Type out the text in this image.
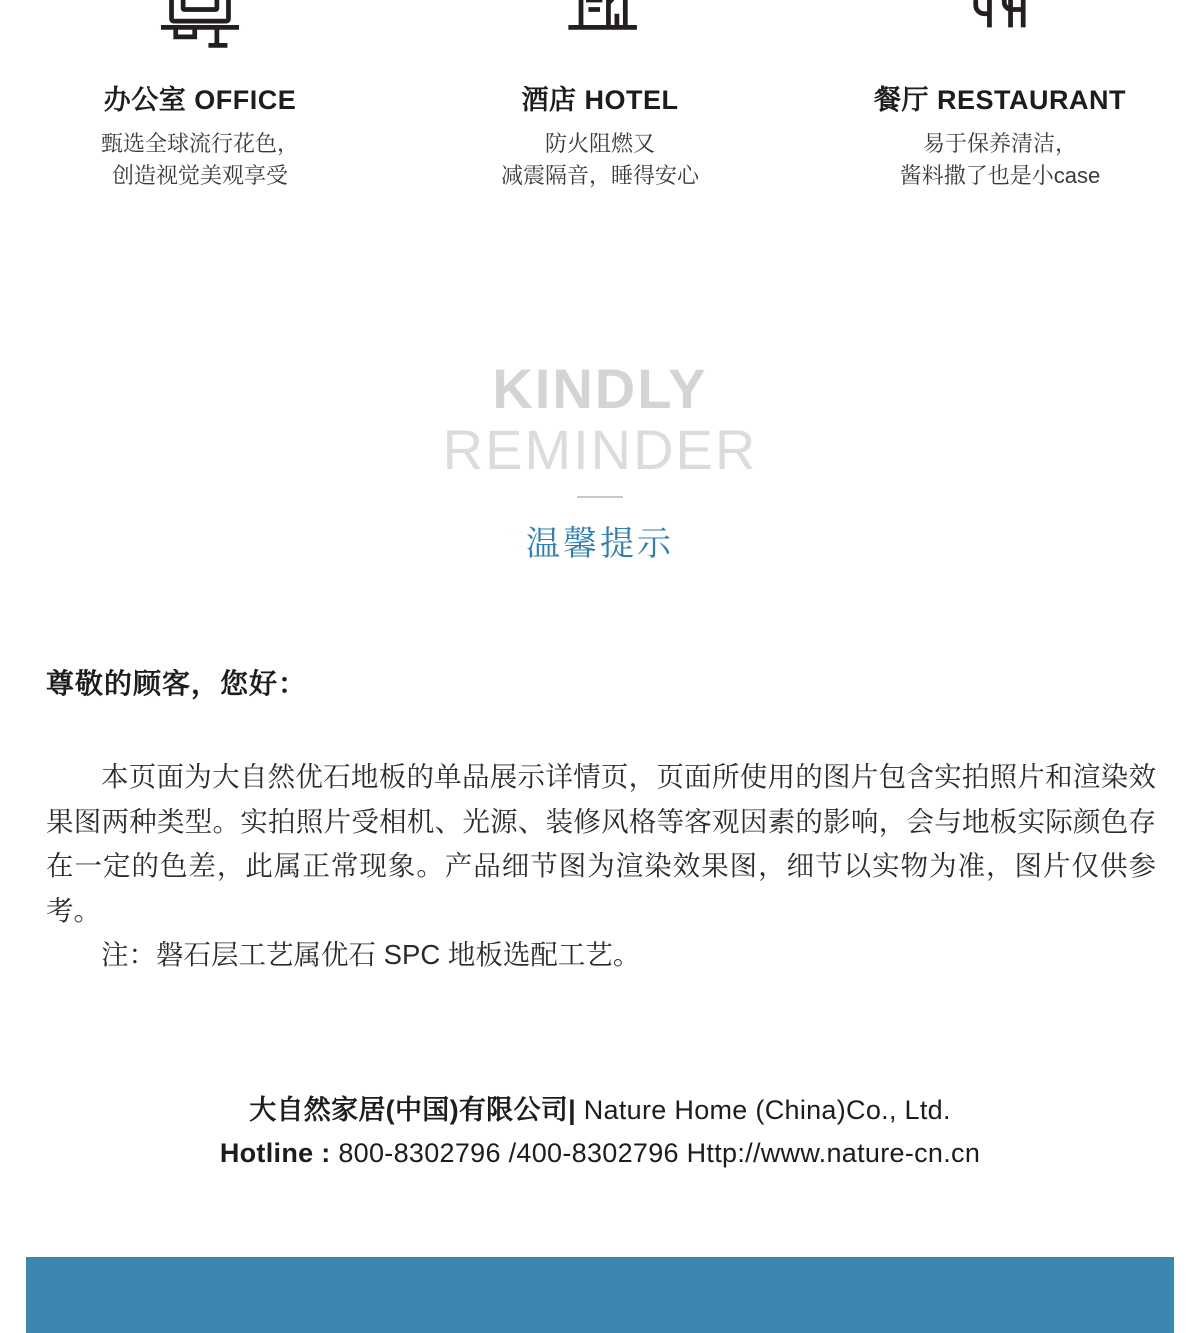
办公室 OFFICE
甄选全球流行花色，
创造视觉美观享受
酒店 HOTEL
防火阻燃又
减震隔音，睡得安心
餐厅 RESTAURANT
易于保养清洁，
酱料撒了也是小case
KINDLY
REMINDER
温馨提示
尊敬的顾客，您好：

本页面为大自然优石地板的单品展示详情页，页面所使用的图片包含实拍照片和渲染效果图两种类型。实拍照片受相机、光源、装修风格等客观因素的影响，会与地板实际颜色存在一定的色差，此属正常现象。产品细节图为渲染效果图，细节以实物为准，图片仅供参考。

注：磐石层工艺属优石 SPC 地板选配工艺。

大自然家居(中国)有限公司| Nature Home (China)Co., Ltd.
Hotline : 800-8302796 /400-8302796 Http://www.nature-cn.cn
